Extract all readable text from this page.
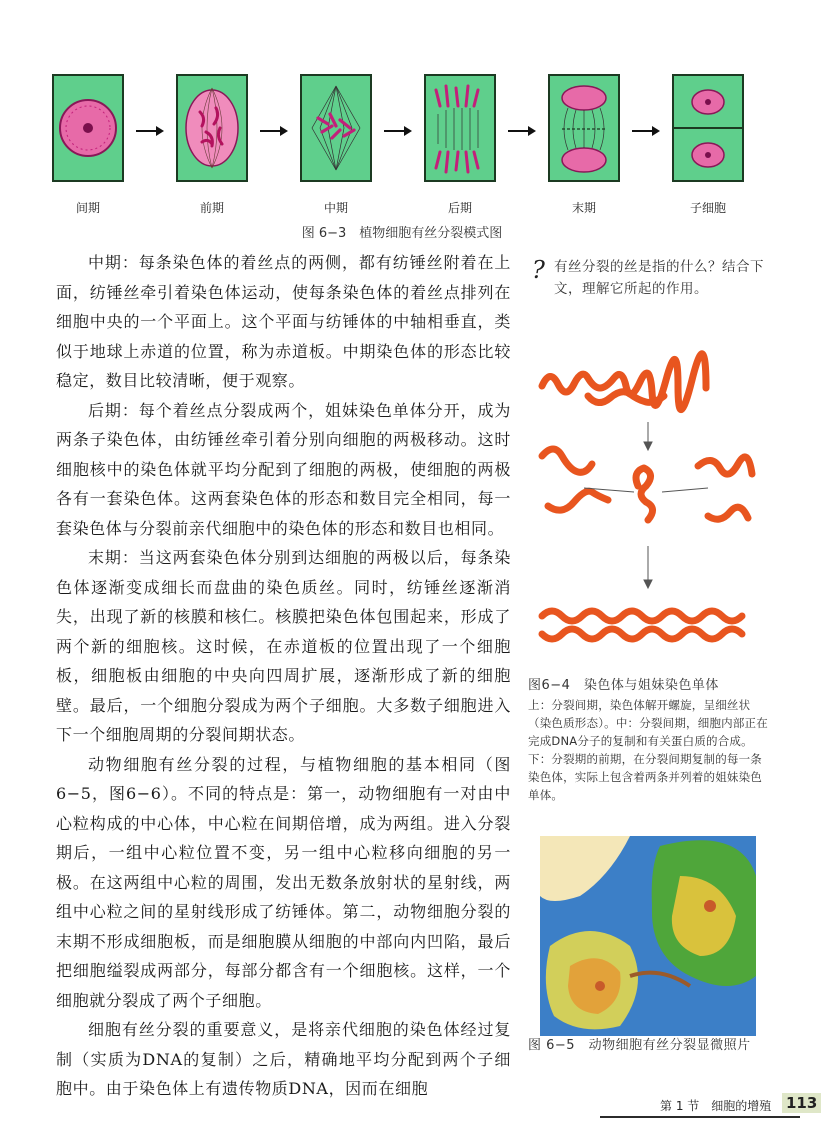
间期	前期	中期	后期	末期	子细胞
图 6−3　植物细胞有丝分裂模式图

中期：每条染色体的着丝点的两侧，都有纺锤丝附着在上面，纺锤丝牵引着染色体运动，使每条染色体的着丝点排列在细胞中央的一个平面上。这个平面与纺锤体的中轴相垂直，类似于地球上赤道的位置，称为赤道板。中期染色体的形态比较稳定，数目比较清晰，便于观察。

后期：每个着丝点分裂成两个，姐妹染色单体分开，成为两条子染色体，由纺锤丝牵引着分别向细胞的两极移动。这时细胞核中的染色体就平均分配到了细胞的两极，使细胞的两极各有一套染色体。这两套染色体的形态和数目完全相同，每一套染色体与分裂前亲代细胞中的染色体的形态和数目也相同。

末期：当这两套染色体分别到达细胞的两极以后，每条染色体逐渐变成细长而盘曲的染色质丝。同时，纺锤丝逐渐消失，出现了新的核膜和核仁。核膜把染色体包围起来，形成了两个新的细胞核。这时候，在赤道板的位置出现了一个细胞板，细胞板由细胞的中央向四周扩展，逐渐形成了新的细胞壁。最后，一个细胞分裂成为两个子细胞。大多数子细胞进入下一个细胞周期的分裂间期状态。

动物细胞有丝分裂的过程，与植物细胞的基本相同（图6−5，图6−6）。不同的特点是：第一，动物细胞有一对由中心粒构成的中心体，中心粒在间期倍增，成为两组。进入分裂期后，一组中心粒位置不变，另一组中心粒移向细胞的另一极。在这两组中心粒的周围，发出无数条放射状的星射线，两组中心粒之间的星射线形成了纺锤体。第二，动物细胞分裂的末期不形成细胞板，而是细胞膜从细胞的中部向内凹陷，最后把细胞缢裂成两部分，每部分都含有一个细胞核。这样，一个细胞就分裂成了两个子细胞。

细胞有丝分裂的重要意义，是将亲代细胞的染色体经过复制（实质为DNA的复制）之后，精确地平均分配到两个子细胞中。由于染色体上有遗传物质DNA，因而在细胞

? 有丝分裂的丝是指的什么？结合下文，理解它所起的作用。
图6−4　染色体与姐妹染色单体
上：分裂间期，染色体解开螺旋，呈细丝状（染色质形态）。中：分裂间期，细胞内部正在完成DNA分子的复制和有关蛋白质的合成。下：分裂期的前期，在分裂间期复制的每一条染色体，实际上包含着两条并列着的姐妹染色单体。
图 6−5　动物细胞有丝分裂显微照片
第 1 节　细胞的增殖 113
